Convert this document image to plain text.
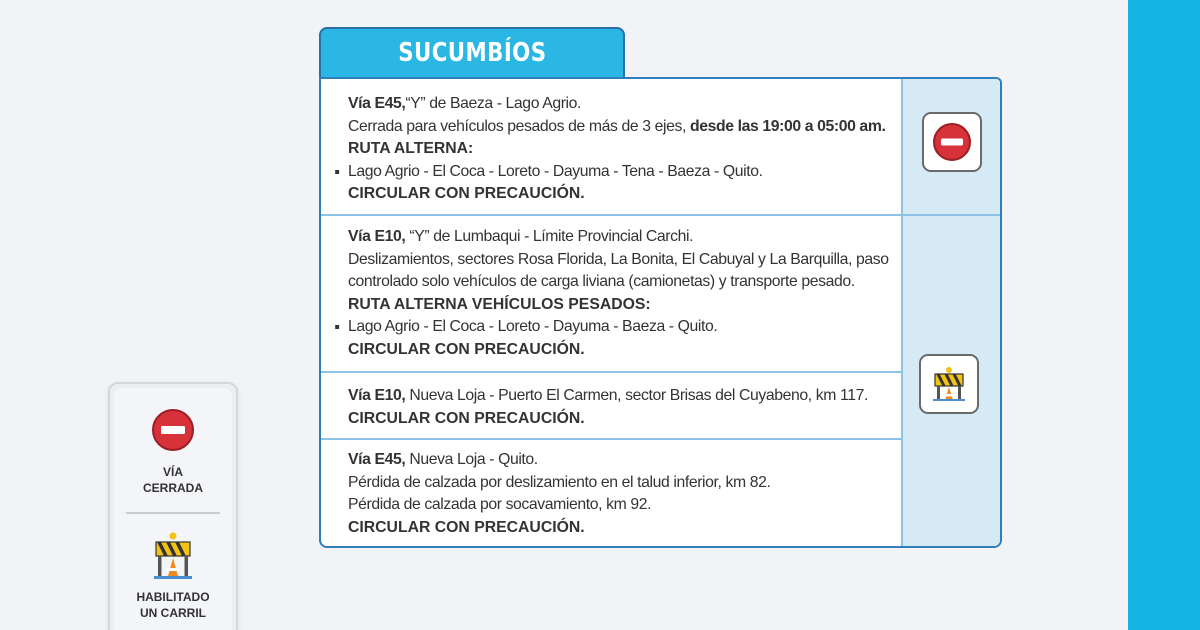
SUCUMBÍOS
Vía E45,“Y” de Baeza - Lago Agrio.
Cerrada para vehículos pesados de más de 3 ejes, desde las 19:00 a 05:00 am.
RUTA ALTERNA:
Lago Agrio - El Coca - Loreto - Dayuma - Tena - Baeza - Quito.
CIRCULAR CON PRECAUCIÓN.
Vía E10, “Y” de Lumbaqui - Límite Provincial Carchi.
Deslizamientos, sectores Rosa Florida, La Bonita, El Cabuyal y La Barquilla, paso
controlado solo vehículos de carga liviana (camionetas) y transporte pesado.
RUTA ALTERNA VEHÍCULOS PESADOS:
Lago Agrio - El Coca - Loreto - Dayuma - Baeza - Quito.
CIRCULAR CON PRECAUCIÓN.
Vía E10, Nueva Loja - Puerto El Carmen, sector Brisas del Cuyabeno, km 117.
CIRCULAR CON PRECAUCIÓN.
Vía E45, Nueva Loja - Quito.
Pérdida de calzada por deslizamiento en el talud inferior, km 82.
Pérdida de calzada por socavamiento, km 92.
CIRCULAR CON PRECAUCIÓN.
VÍA
CERRADA
HABILITADO
UN CARRIL
